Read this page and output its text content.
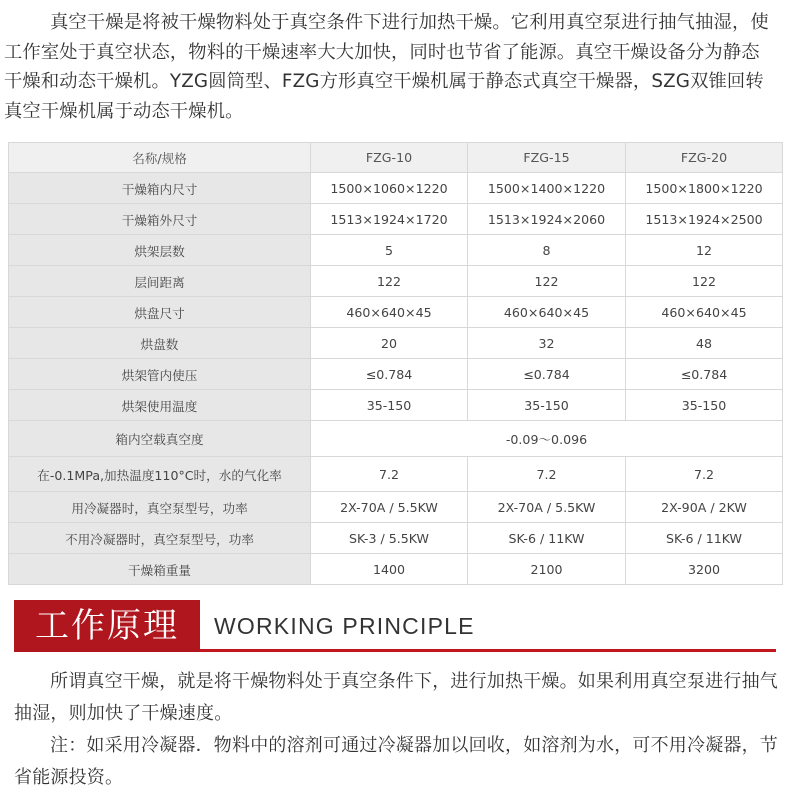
真空干燥是将被干燥物料处于真空条件下进行加热干燥。它利用真空泵进行抽气抽湿，使工作室处于真空状态，物料的干燥速率大大加快，同时也节省了能源。真空干燥设备分为静态干燥和动态干燥机。YZG圆筒型、FZG方形真空干燥机属于静态式真空干燥器，SZG双锥回转真空干燥机属于动态干燥机。

名称/规格	FZG-10	FZG-15	FZG-20
干燥箱内尺寸	1500×1060×1220	1500×1400×1220	1500×1800×1220
干燥箱外尺寸	1513×1924×1720	1513×1924×2060	1513×1924×2500
烘架层数	5	8	12
层间距离	122	122	122
烘盘尺寸	460×640×45	460×640×45	460×640×45
烘盘数	20	32	48
烘架管内使压	≤0.784	≤0.784	≤0.784
烘架使用温度	35-150	35-150	35-150
箱内空载真空度	-0.09～0.096		
在-0.1MPa,加热温度110°C时，水的气化率	7.2	7.2	7.2
用冷凝器时，真空泵型号，功率	2X-70A / 5.5KW	2X-70A / 5.5KW	2X-90A / 2KW
不用冷凝器时，真空泵型号，功率	SK-3 / 5.5KW	SK-6 / 11KW	SK-6 / 11KW
干燥箱重量	1400	2100	3200
工作原理	WORKING PRINCIPLE

所谓真空干燥，就是将干燥物料处于真空条件下，进行加热干燥。如果利用真空泵进行抽气抽湿，则加快了干燥速度。

注：如采用冷凝器．物料中的溶剂可通过冷凝器加以回收，如溶剂为水，可不用冷凝器，节省能源投资。
